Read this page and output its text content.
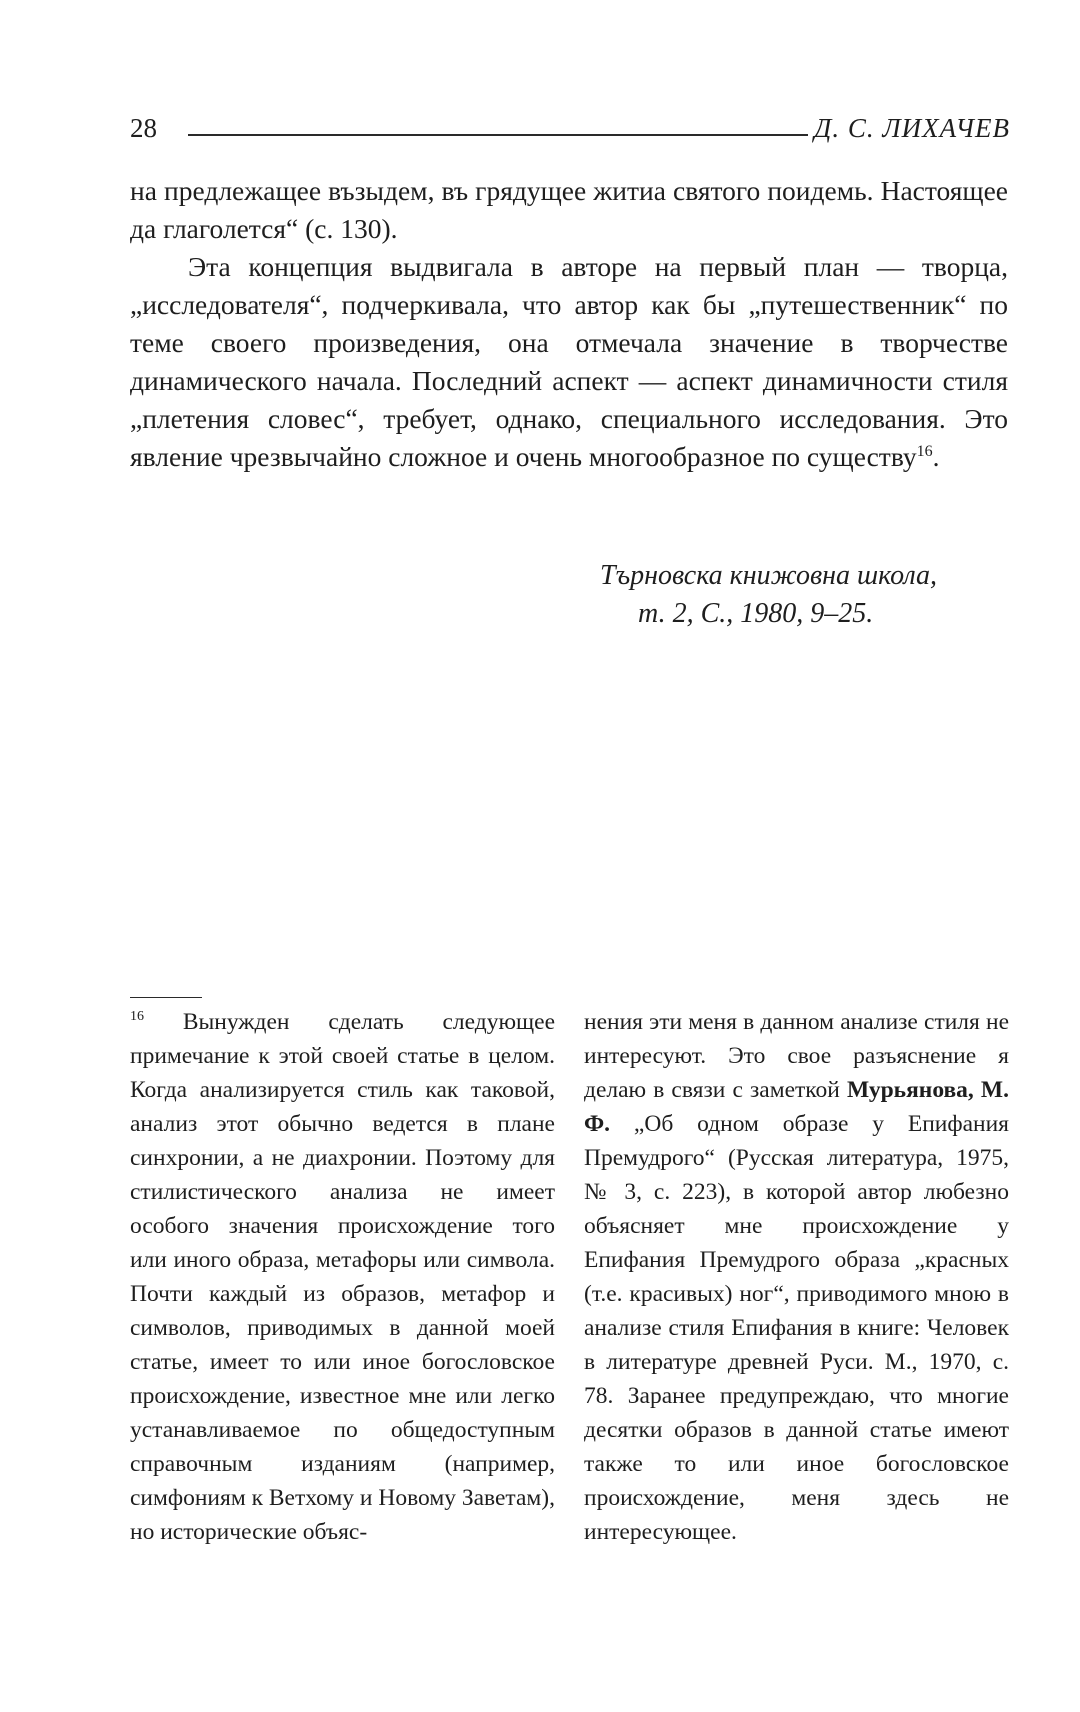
28	Д. С. ЛИХАЧЕВ

на предлежащее възыдем, въ грядущее житиа святого поидемь. Настоящее да глаголется“ (с. 130).

Эта концепция выдвигала в авторе на первый план — творца, „исследователя“, подчеркивала, что автор как бы „путешественник“ по теме своего произведения, она отмечала значение в творчестве динамического начала. Последний аспект — аспект динамичности стиля „плетения словес“, требует, однако, специального исследования. Это явление чрезвычайно сложное и очень многообразное по существу$^{16}$.

Търновска книжовна школа,
т. 2, С., 1980, 9–25.
$^{16}$ Вынужден сделать следующее примечание к этой своей статье в целом. Когда анализируется стиль как таковой, анализ этот обычно ведется в плане синхронии, а не диахронии. Поэтому для стилистического анализа не имеет особого значения происхождение того или иного образа, метафоры или символа. Почти каждый из образов, метафор и символов, приводимых в данной моей статье, имеет то или иное богословское происхождение, известное мне или легко устанавливаемое по общедоступным справочным изданиям (например, симфониям к Ветхому и Новому Заветам), но исторические объяс-
нения эти меня в данном анализе стиля не интересуют. Это свое разъяснение я делаю в связи с заметкой Мурьянова, М. Ф. „Об одном образе у Епифания Премудрого“ (Русская литература, 1975, № 3, с. 223), в которой автор любезно объясняет мне происхождение у Епифания Премудрого образа „красных (т.е. красивых) ног“, приводимого мною в анализе стиля Епифания в книге: Человек в литературе древней Руси. М., 1970, с. 78. Заранее предупреждаю, что многие десятки образов в данной статье имеют также то или иное богословское происхождение, меня здесь не интересующее.
